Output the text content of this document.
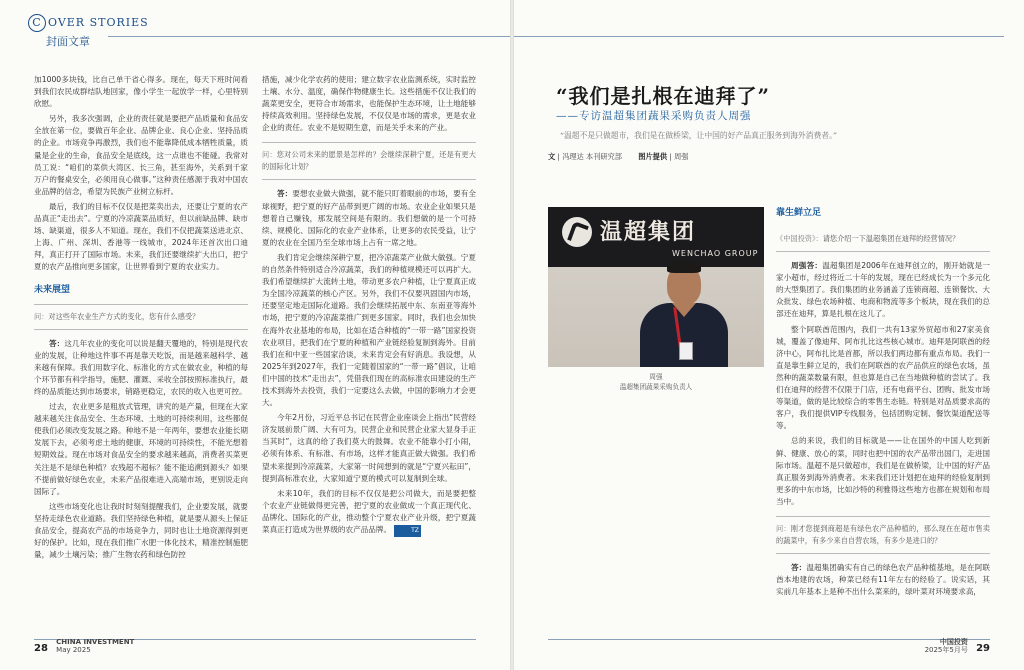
C OVER STORIES
封面文章

加1000多块钱，比自己单干省心得多。现在，每天下班时间看到我们农民成群结队地回家，像小学生一起放学一样，心里特别欣慰。

另外，我多次强调，企业的责任就是要把产品质量和食品安全放在第一位，要做百年企业、品牌企业、良心企业、坚持品质的企业。市场竞争再激烈，我们也不能靠降低成本牺牲质量，质量是企业的生命，食品安全是底线，这一点谁也不能碰。我常对员工说：“咱们的菜供大湾区、长三角，甚至海外，关系到千家万户的餐桌安全，必须用良心做事。”这种责任感源于我对中国农业品牌的信念，希望为民族产业树立标杆。

最后，我们的目标不仅仅是把菜卖出去，还要让宁夏的农产品真正“走出去”。宁夏的冷凉蔬菜品质好，但以前缺品牌、缺市场、缺渠道，很多人不知道。现在，我们不仅把蔬菜送进北京、上海、广州、深圳、香港等一线城市，2024年还首次出口迪拜，真正打开了国际市场。未来，我们还要继续扩大出口，把宁夏的农产品推向更多国家，让世界看到宁夏的农业实力。

未来展望
问：对这些年农业生产方式的变化，您有什么感受？

答：这几年农业的变化可以说是翻天覆地的，特别是现代农业的发展，让种地这件事不再是靠天吃饭，而是越来越科学、越来越有保障。我们用数字化、标准化的方式在做农业，种植的每个环节都有科学指导，施肥、灌溉、采收全部按照标准执行，最终的品质能达到市场要求，销路更稳定，农民的收入也更可控。

过去，农业更多是粗放式管理，讲究的是产量，但现在大家越来越关注食品安全、生态环境、土地的可持续利用，这些都促使我们必须改变发展之路。种地不是一年两年，要想农业能长期发展下去，必须考虑土地的健康、环境的可持续性，不能光想着短期效益。现在市场对食品安全的要求越来越高，消费者买菜更关注是不是绿色种植？农残超不超标？能不能追溯到源头？如果不提前做好绿色农业，未来产品很难进入高端市场，更别说走向国际了。

这些市场变化也让我时时刻刻提醒我们，企业要发展，就要坚持走绿色农业道路。我们坚持绿色种植，就是要从源头上保证食品安全，提高农产品的市场竞争力，同时也让土地资源得到更好的保护。比如，现在我们推广水肥一体化技术，精准控制施肥量，减少土壤污染；推广生物农药和绿色防控

措施，减少化学农药的使用；建立数字农业监测系统，实时监控土壤、水分、温度，确保作物健康生长。这些措施不仅让我们的蔬菜更安全，更符合市场需求，也能保护生态环境，让土地能够持续高效利用。坚持绿色发展，不仅仅是市场的需求，更是农业企业的责任。农业不是短期生意，而是关乎未来的产业。

问：您对公司未来的愿景是怎样的？会继续深耕宁夏，还是有更大的国际化计划？

答：要想农业做大做强，就不能只盯着眼前的市场，要有全球视野，把宁夏的好产品带到更广阔的市场。农业企业如果只是想着自己赚钱，那发展空间是有限的。我们想做的是一个可持续、规模化、国际化的农业产业体系，让更多的农民受益，让宁夏的农业在全国乃至全球市场上占有一席之地。

我们肯定会继续深耕宁夏，把冷凉蔬菜产业做大做强。宁夏的自然条件特别适合冷凉蔬菜，我们的种植规模还可以再扩大。我们希望继续扩大流转土地，带动更多农户种植，让宁夏真正成为全国冷凉蔬菜的核心产区。另外，我们不仅要巩固国内市场，还要坚定地走国际化道路。我们会继续拓展中东、东南亚等海外市场，把宁夏的冷凉蔬菜推广到更多国家。同时，我们也会加快在海外农业基地的布局，比如在适合种植的“一带一路”国家投资农业项目，把我们在宁夏的种植和产业链经验复制到海外。目前我们在和中亚一些国家洽谈，未来肯定会有好消息。我设想，从2025年到2027年，我们一定随着国家的“一带一路”倡议，让咱们中国的技术“走出去”，凭借我们现在的高标准农田建设的生产技术到海外去投资，我们一定要这么去做，中国的影响力才会更大。

今年2月份，习近平总书记在民营企业座谈会上指出“民营经济发展前景广阔、大有可为，民营企业和民营企业家大显身手正当其时”，这真的给了我们莫大的鼓舞。农业不能靠小打小闹，必须有体系、有标准、有市场，这样才能真正做大做强。我们希望未来提到冷凉蔬菜，大家第一时间想到的就是“宁夏兴耘田”，提到高标准农业，大家知道宁夏的模式可以复制到全球。

未来10年，我们的目标不仅仅是把公司做大，而是要把整个农业产业链做得更完善，把宁夏的农业做成一个真正现代化、品牌化、国际化的产业，推动整个宁夏农业产业升级，把宁夏蔬菜真正打造成为世界级的农产品品牌。	TZ

28 CHINA INVESTMENT
May 2025
“我们是扎根在迪拜了”
——专访温超集团蔬果采购负责人周强
“温超不是只做超市，我们是在做桥梁，让中国的好产品真正服务到海外消费者。”
文 | 冯理达 本刊研究部 图片提供 | 周强
温超集团
WENCHAO GROUP
周强
温超集团蔬果采购负责人
靠生鲜立足
《中国投资》：请您介绍一下温超集团在迪拜的经营情况？

周强答：温超集团是2006年在迪拜创立的，刚开始就是一家小超市，经过将近二十年的发展，现在已经成长为一个多元化的大型集团了。我们集团的业务涵盖了连锁商超、连锁餐饮、大众批发、绿色农场种植、电商和物流等多个板块，现在我们的总部还在迪拜，算是扎根在这儿了。

整个阿联酋范围内，我们一共有13家外贸超市和27家美食城，覆盖了像迪拜、阿布扎比这些核心城市。迪拜是阿联酋的经济中心，阿布扎比是首都，所以我们两边都有重点布局。我们一直是靠生鲜立足的，我们在阿联酋的农产品供应的绿色农场，虽然种的蔬菜数量有限，但也算是自己在当地做种植的尝试了。我们在迪拜的经营不仅限于门店，还有电商平台、团购、批发市场等渠道，做的是比较综合的零售生态链。特别是对品质要求高的客户，我们提供VIP专线服务，包括团购定制、餐饮渠道配送等等。

总的来说，我们的目标就是——让在国外的中国人吃到新鲜、健康、放心的菜，同时也把中国的农产品带出国门，走进国际市场。温超不是只做超市，我们是在做桥梁，让中国的好产品真正服务到海外消费者。未来我们还计划把在迪拜的经验复制到更多的中东市场，比如沙特的利雅得这些地方也都在规划和布局当中。

问：刚才您提到商超是有绿色农产品种植的，那么现在在超市售卖的蔬菜中，有多少来自自营农场，有多少是进口的？

答：温超集团确实有自己的绿色农产品种植基地，是在阿联酋本地建的农场，种菜已经有11年左右的经验了。说实话，其实前几年基本上是种不出什么菜来的，绿叶菜对环境要求高，

中国投资
2025年5月号 29
